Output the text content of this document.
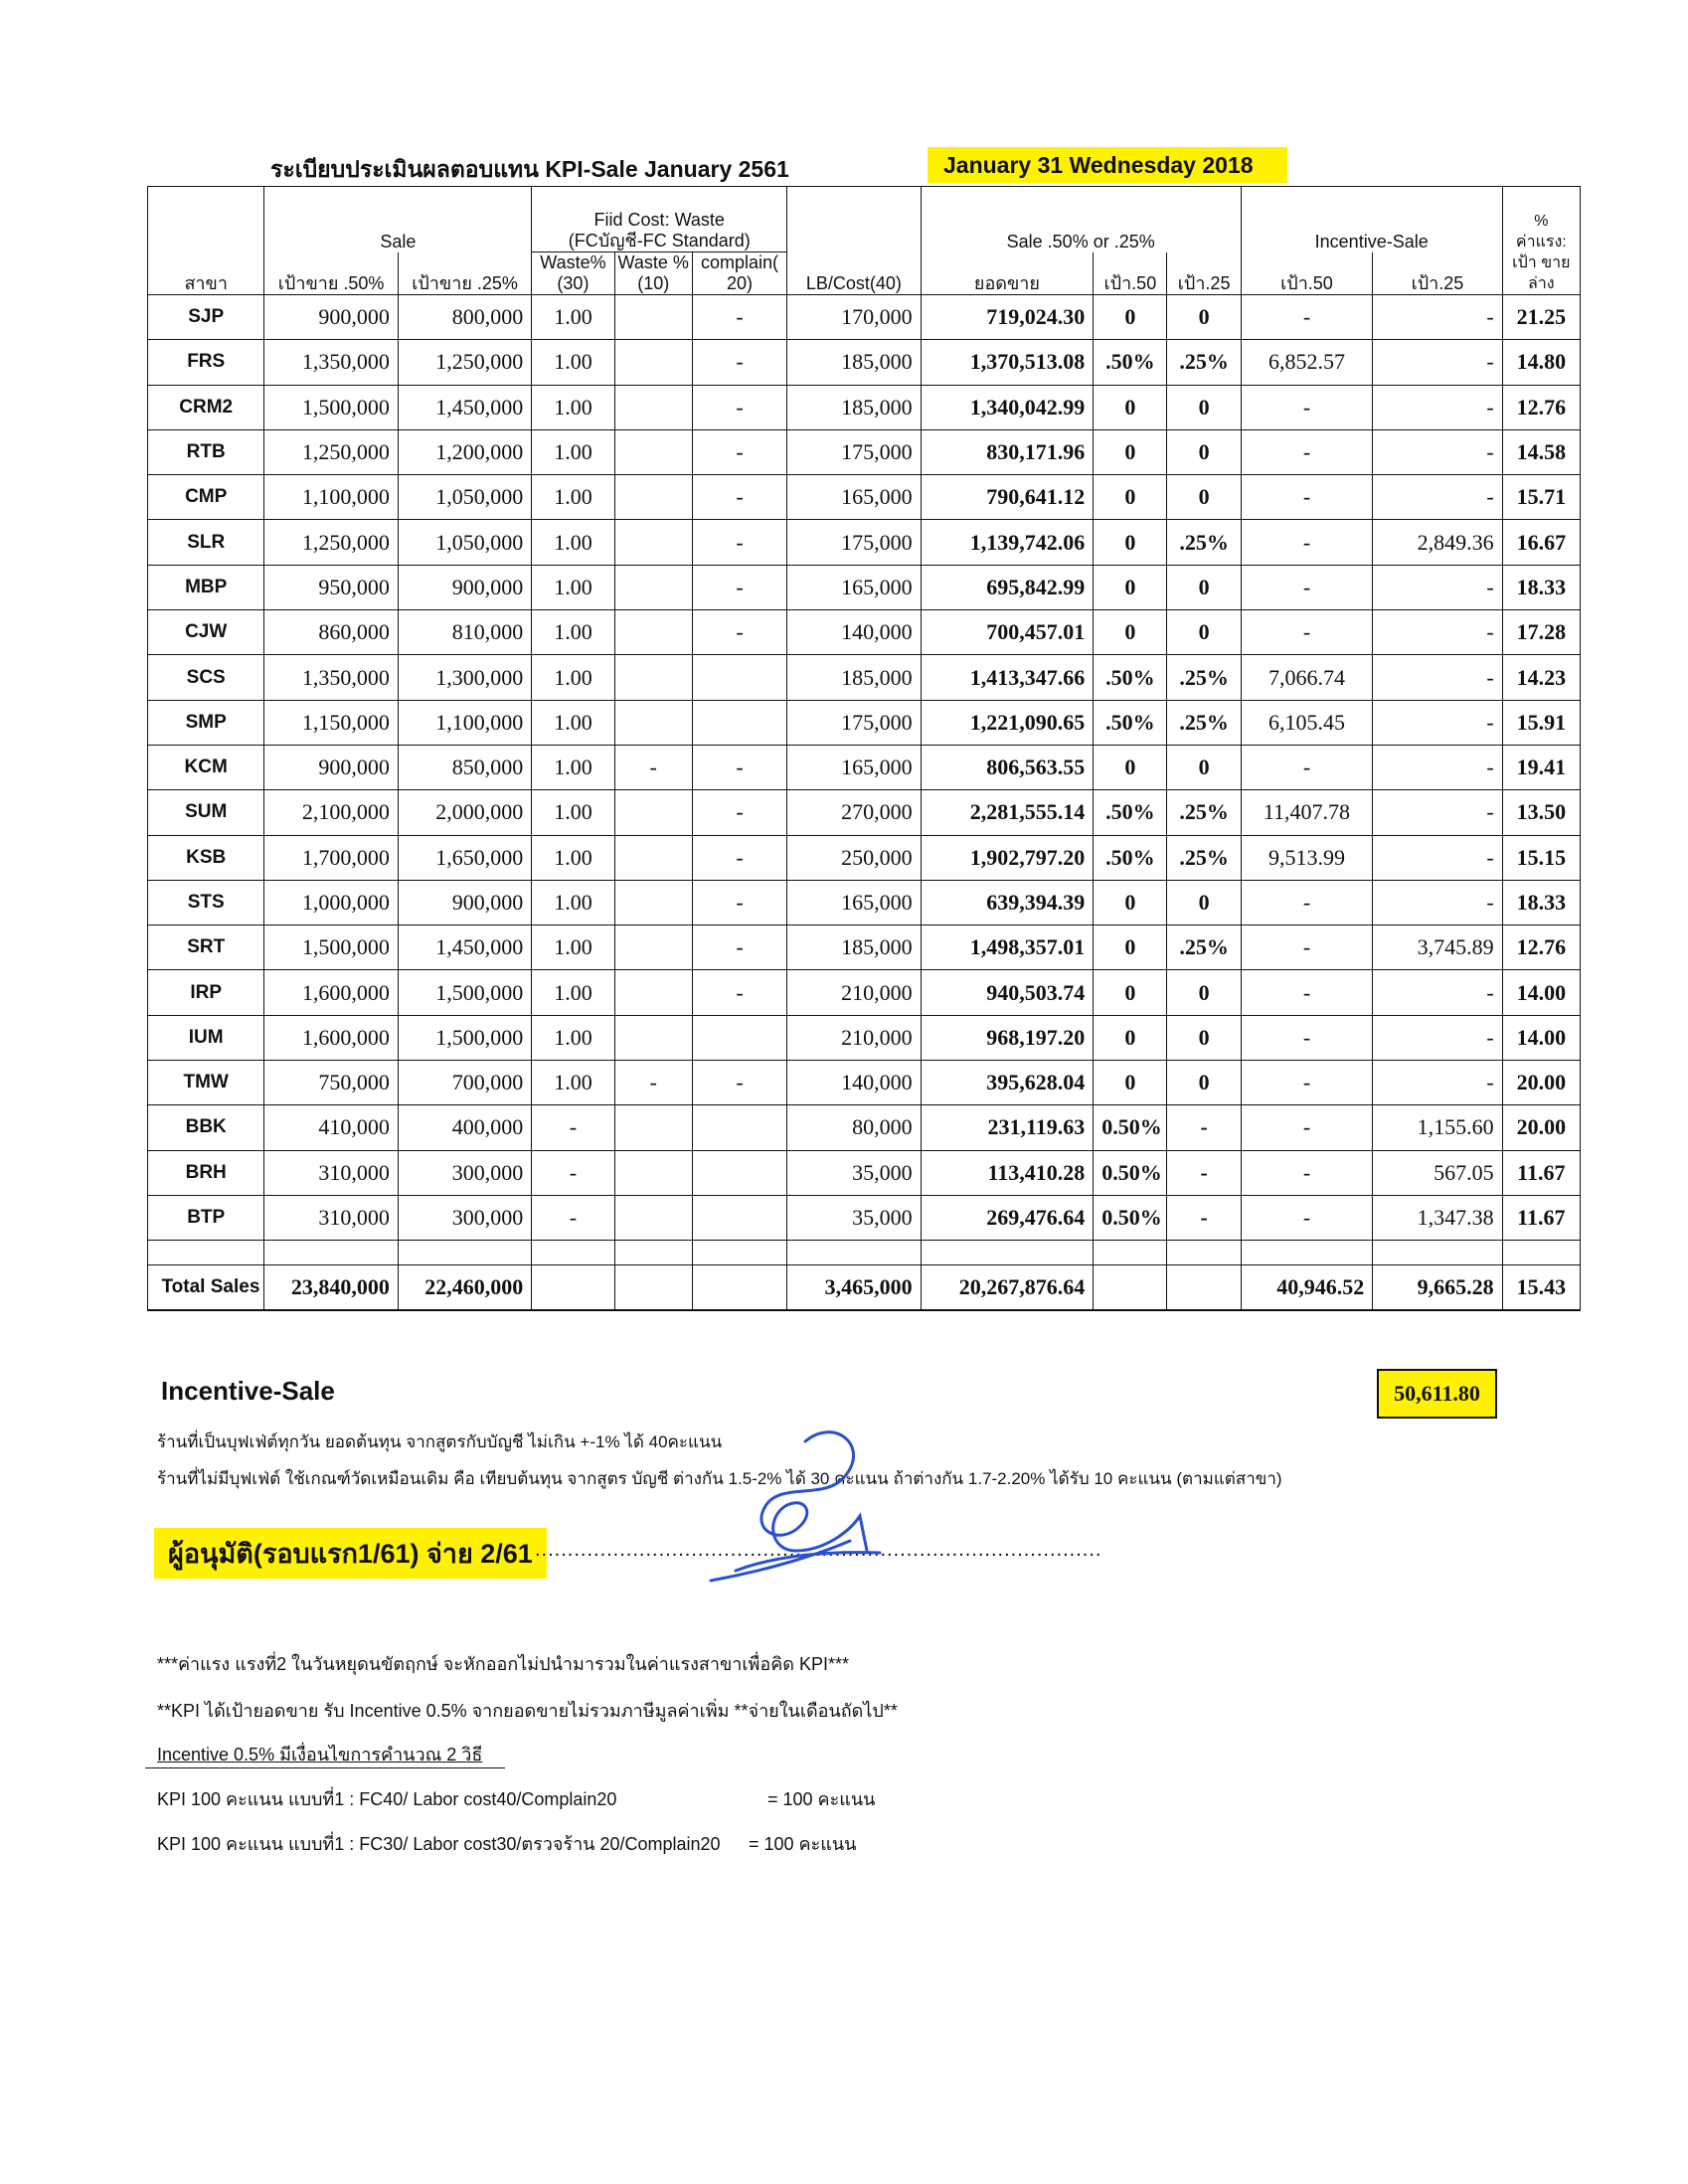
ระเบียบประเมินผลตอบแทน KPI-Sale January 2561	January 31 Wednesday 2018
สาขา	Sale		Fiid Cost: Waste (FCบัญชี-FC Standard)			LB/Cost(40)	Sale .50% or .25%			Incentive-Sale		% ค่าแรง: เป้า ขายล่าง
	เป้าขาย .50%	เป้าขาย .25%	Waste% (30)	Waste %(10)	complain( 20)		ยอดขาย	เป้า.50	เป้า.25	เป้า.50	เป้า.25	
SJP	900,000	800,000	1.00		-	170,000	719,024.30	0	0	-	-	21.25
FRS	1,350,000	1,250,000	1.00		-	185,000	1,370,513.08	.50%	.25%	6,852.57	-	14.80
CRM2	1,500,000	1,450,000	1.00		-	185,000	1,340,042.99	0	0	-	-	12.76
RTB	1,250,000	1,200,000	1.00		-	175,000	830,171.96	0	0	-	-	14.58
CMP	1,100,000	1,050,000	1.00		-	165,000	790,641.12	0	0	-	-	15.71
SLR	1,250,000	1,050,000	1.00		-	175,000	1,139,742.06	0	.25%	-	2,849.36	16.67
MBP	950,000	900,000	1.00		-	165,000	695,842.99	0	0	-	-	18.33
CJW	860,000	810,000	1.00		-	140,000	700,457.01	0	0	-	-	17.28
SCS	1,350,000	1,300,000	1.00			185,000	1,413,347.66	.50%	.25%	7,066.74	-	14.23
SMP	1,150,000	1,100,000	1.00			175,000	1,221,090.65	.50%	.25%	6,105.45	-	15.91
KCM	900,000	850,000	1.00	-	-	165,000	806,563.55	0	0	-	-	19.41
SUM	2,100,000	2,000,000	1.00		-	270,000	2,281,555.14	.50%	.25%	11,407.78	-	13.50
KSB	1,700,000	1,650,000	1.00		-	250,000	1,902,797.20	.50%	.25%	9,513.99	-	15.15
STS	1,000,000	900,000	1.00		-	165,000	639,394.39	0	0	-	-	18.33
SRT	1,500,000	1,450,000	1.00		-	185,000	1,498,357.01	0	.25%	-	3,745.89	12.76
IRP	1,600,000	1,500,000	1.00		-	210,000	940,503.74	0	0	-	-	14.00
IUM	1,600,000	1,500,000	1.00			210,000	968,197.20	0	0	-	-	14.00
TMW	750,000	700,000	1.00	-	-	140,000	395,628.04	0	0	-	-	20.00
BBK	410,000	400,000	-			80,000	231,119.63	0.50%	-	-	1,155.60	20.00
BRH	310,000	300,000	-			35,000	113,410.28	0.50%	-	-	567.05	11.67
BTP	310,000	300,000	-			35,000	269,476.64	0.50%	-	-	1,347.38	11.67

Total Sales	23,840,000	22,460,000				3,465,000	20,267,876.64			40,946.52	9,665.28	15.43
Incentive-Sale	50,611.80
ร้านที่เป็นบุฟเฟ่ต์ทุกวัน ยอดต้นทุน จากสูตรกับบัญชี ไม่เกิน +-1% ได้ 40คะแนน
ร้านที่ไม่มีบุฟเฟ่ต์ ใช้เกณฑ์วัดเหมือนเดิม คือ เทียบต้นทุน จากสูตร บัญชี ต่างกัน 1.5-2% ได้ 30 คะแนน ถ้าต่างกัน 1.7-2.20% ได้รับ 10 คะแนน (ตามแต่สาขา)
ผู้อนุมัติ(รอบแรก1/61) จ่าย 2/61 .......................................................................................
***ค่าแรง แรงที่2 ในวันหยุดนขัตฤกษ์ จะหักออกไม่ปนำมารวมในค่าแรงสาขาเพื่อคิด KPI***
**KPI ได้เป้ายอดขาย รับ Incentive 0.5% จากยอดขายไม่รวมภาษีมูลค่าเพิ่ม **จ่ายในเดือนถัดไป**
Incentive 0.5% มีเงื่อนไขการคำนวณ 2 วิธี
KPI 100 คะแนน แบบที่1 : FC40/ Labor cost40/Complain20	= 100 คะแนน
KPI 100 คะแนน แบบที่1 : FC30/ Labor cost30/ตรวจร้าน 20/Complain20 = 100 คะแนน
